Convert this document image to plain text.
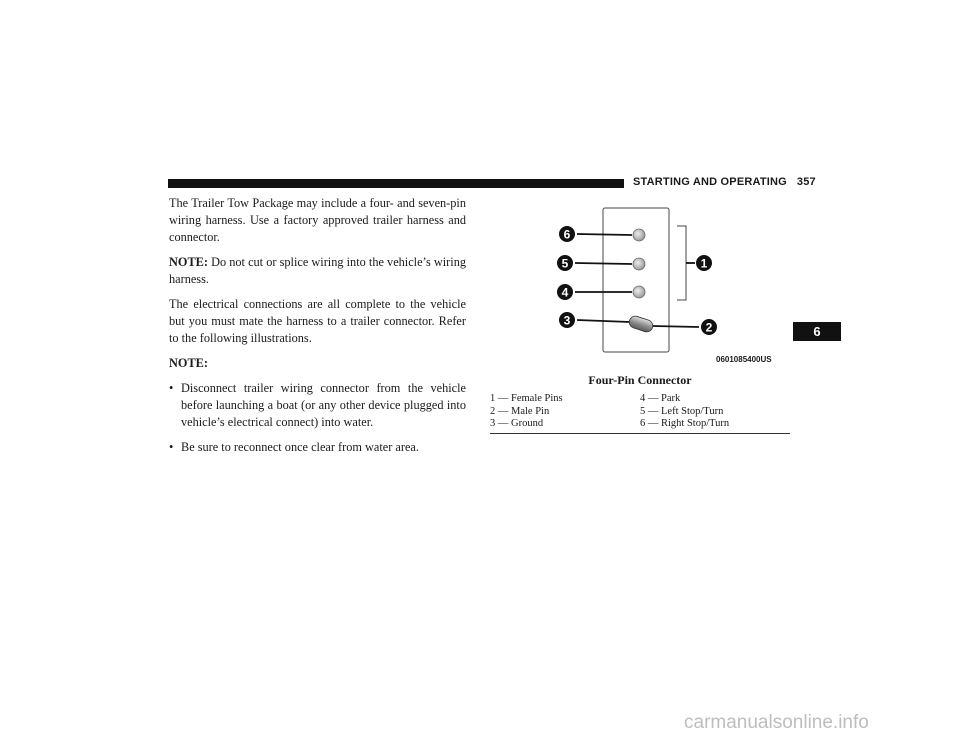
STARTING AND OPERATING 357
6

The Trailer Tow Package may include a four- and seven-pin wiring harness. Use a factory approved trailer harness and connector.

NOTE: Do not cut or splice wiring into the vehicle’s wiring harness.

The electrical connections are all complete to the vehicle but you must mate the harness to a trailer connector. Refer to the following illustrations.

NOTE:

• Disconnect trailer wiring connector from the vehicle before launching a boat (or any other device plugged into vehicle’s electrical connect) into water.
• Be sure to reconnect once clear from water area.
6
5
4
3	2
1
0601085400US
Four-Pin Connector
1 — Female Pins	4 — Park
2 — Male Pin	5 — Left Stop/Turn
3 — Ground	6 — Right Stop/Turn
carmanualsonline.info
